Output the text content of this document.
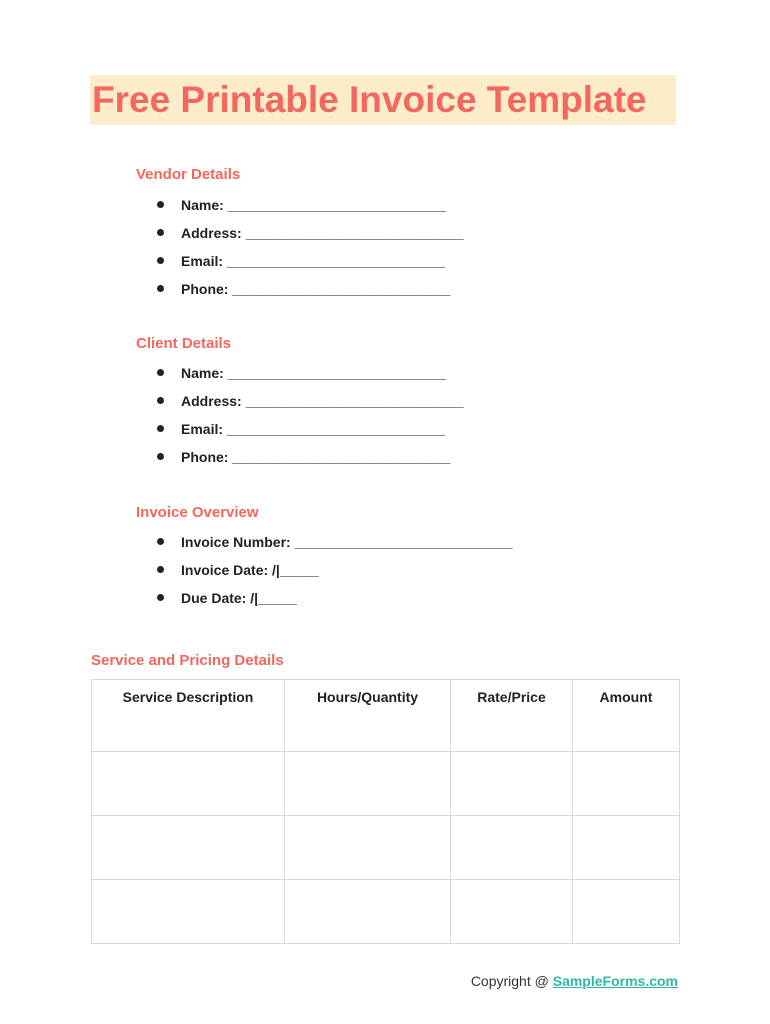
Free Printable Invoice Template
Vendor Details
Name: ____________________________
Address: ____________________________
Email: ____________________________
Phone: ____________________________
Client Details
Name: ____________________________
Address: ____________________________
Email: ____________________________
Phone: ____________________________
Invoice Overview
Invoice Number: ____________________________
Invoice Date: /|_____
Due Date: /|_____
Service and Pricing Details
Service Description	Hours/Quantity	Rate/Price	Amount

Copyright @ SampleForms.com
